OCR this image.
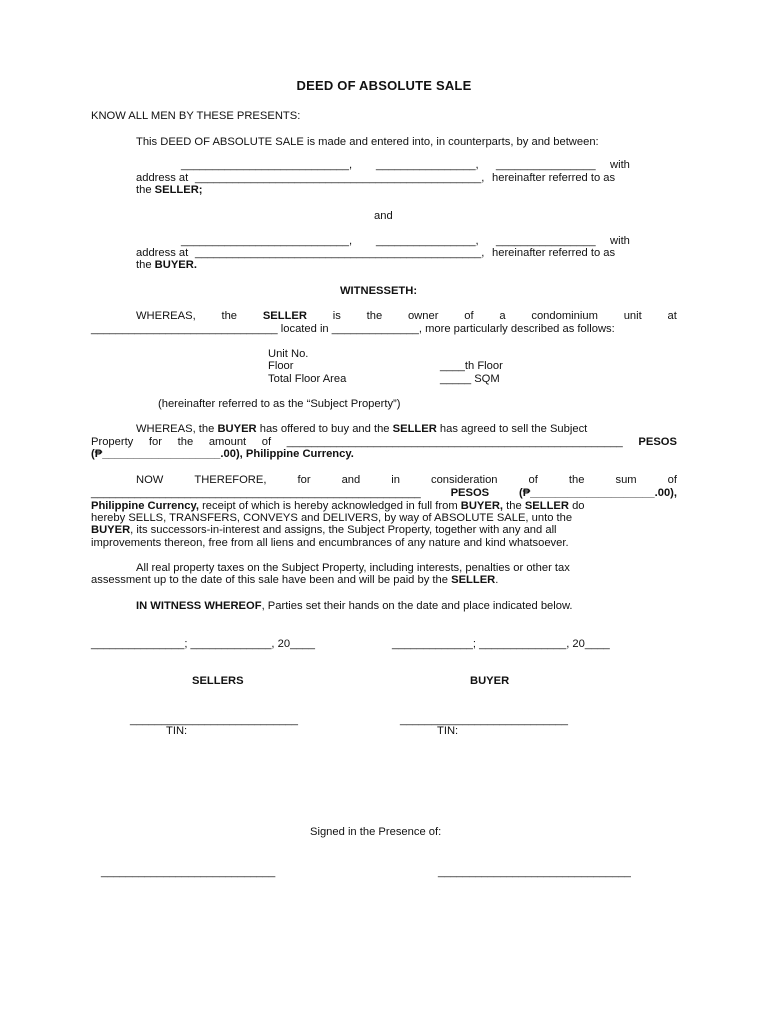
DEED OF ABSOLUTE SALE
KNOW ALL MEN BY THESE PRESENTS:
This DEED OF ABSOLUTE SALE is made and entered into, in counterparts, by and between:
___________________________, ________________, ________________ with
address at ______________________________________________, hereinafter referred to as
the SELLER;
and
___________________________, ________________, ________________ with
address at ______________________________________________, hereinafter referred to as
the BUYER.
WITNESSETH:
WHEREAS, the SELLER is the owner of a condominium unit at
______________________________ located in ______________, more particularly described as follows:
Unit No.
Floor	____th Floor
Total Floor Area	_____ SQM
(hereinafter referred to as the “Subject Property”)
WHEREAS, the BUYER has offered to buy and the SELLER has agreed to sell the Subject
Property for the amount of ______________________________________________________ PESOS
(₱___________________.00), Philippine Currency.
NOW	THEREFORE,	for	and	in	consideration	of	the	sum	of
_____________________________________________________	PESOS	(₱____________________.00),
Philippine Currency, receipt of which is hereby acknowledged in full from BUYER, the SELLER do
hereby SELLS, TRANSFERS, CONVEYS and DELIVERS, by way of ABSOLUTE SALE, unto the
BUYER, its successors-in-interest and assigns, the Subject Property, together with any and all
improvements thereon, free from all liens and encumbrances of any nature and kind whatsoever.
All real property taxes on the Subject Property, including interests, penalties or other tax
assessment up to the date of this sale have been and will be paid by the SELLER.
IN WITNESS WHEREOF, Parties set their hands on the date and place indicated below.
_______________; _____________, 20____	_____________; ______________, 20____
SELLERS	BUYER
___________________________
TIN:
___________________________
TIN:
Signed in the Presence of:
____________________________	_______________________________
